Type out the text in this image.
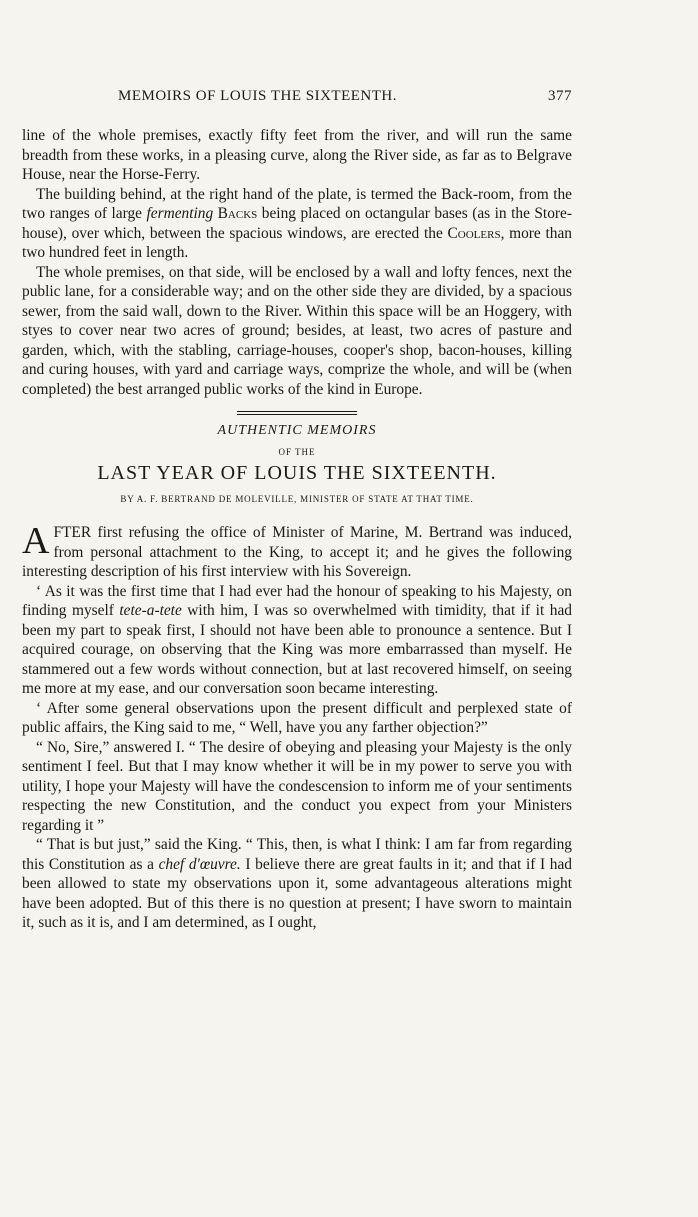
MEMOIRS OF LOUIS THE SIXTEENTH.	377

line of the whole premises, exactly fifty feet from the river, and will run the same breadth from these works, in a pleasing curve, along the River side, as far as to Belgrave House, near the Horse-Ferry.

The building behind, at the right hand of the plate, is termed the Back-room, from the two ranges of large fermenting Backs being placed on octangular bases (as in the Store-house), over which, between the spacious windows, are erected the Coolers, more than two hundred feet in length.

The whole premises, on that side, will be enclosed by a wall and lofty fences, next the public lane, for a considerable way; and on the other side they are divided, by a spacious sewer, from the said wall, down to the River. Within this space will be an Hoggery, with styes to cover near two acres of ground; besides, at least, two acres of pasture and garden, which, with the stabling, carriage-houses, cooper's shop, bacon-houses, killing and curing houses, with yard and carriage ways, comprize the whole, and will be (when completed) the best arranged public works of the kind in Europe.

AUTHENTIC MEMOIRS
OF THE
LAST YEAR OF LOUIS THE SIXTEENTH.
BY A. F. BERTRAND DE MOLEVILLE, MINISTER OF STATE AT THAT TIME.

AFTER first refusing the office of Minister of Marine, M. Bertrand was induced, from personal attachment to the King, to accept it; and he gives the following interesting description of his first interview with his Sovereign.

‘ As it was the first time that I had ever had the honour of speaking to his Majesty, on finding myself tete-a-tete with him, I was so overwhelmed with timidity, that if it had been my part to speak first, I should not have been able to pronounce a sentence. But I acquired courage, on observing that the King was more embarrassed than myself. He stammered out a few words without connection, but at last recovered himself, on seeing me more at my ease, and our conversation soon became interesting.

‘ After some general observations upon the present difficult and perplexed state of public affairs, the King said to me, “ Well, have you any farther objection?”

“ No, Sire,” answered I. “ The desire of obeying and pleasing your Majesty is the only sentiment I feel. But that I may know whether it will be in my power to serve you with utility, I hope your Majesty will have the condescension to inform me of your sentiments respecting the new Constitution, and the conduct you expect from your Ministers regarding it ”

“ That is but just,” said the King. “ This, then, is what I think: I am far from regarding this Constitution as a chef d'œuvre. I believe there are great faults in it; and that if I had been allowed to state my observations upon it, some advantageous alterations might have been adopted. But of this there is no question at present; I have sworn to maintain it, such as it is, and I am determined, as I ought,
